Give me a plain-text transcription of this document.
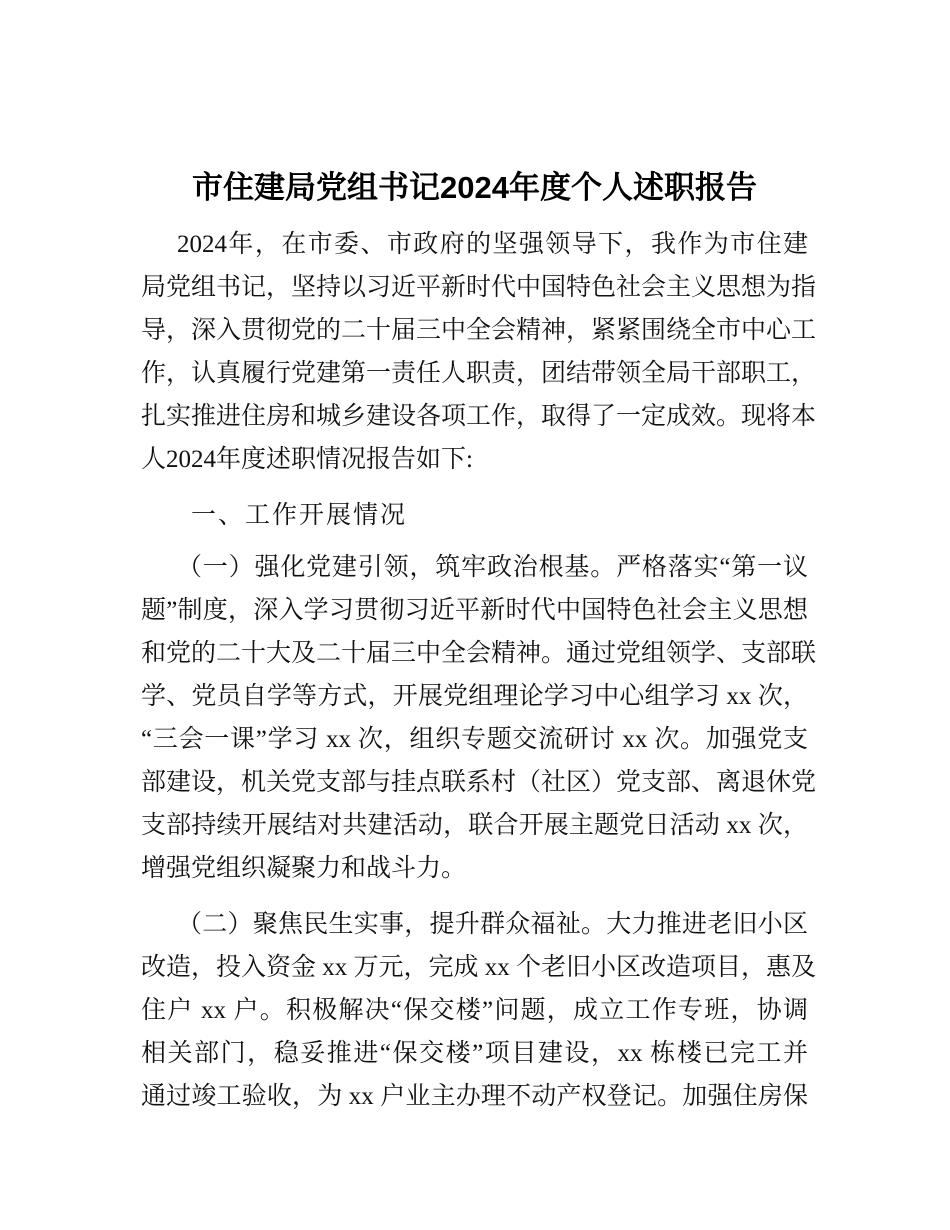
市住建局党组书记2024年度个人述职报告
2024年，在市委、市政府的坚强领导下，我作为市住建
局党组书记，坚持以习近平新时代中国特色社会主义思想为指
导，深入贯彻党的二十届三中全会精神，紧紧围绕全市中心工
作，认真履行党建第一责任人职责，团结带领全局干部职工，
扎实推进住房和城乡建设各项工作，取得了一定成效。现将本
人2024年度述职情况报告如下:
一、工作开展情况
（一）强化党建引领，筑牢政治根基。严格落实“第一议
题”制度，深入学习贯彻习近平新时代中国特色社会主义思想
和党的二十大及二十届三中全会精神。通过党组领学、支部联
学、党员自学等方式，开展党组理论学习中心组学习 xx 次，
“三会一课”学习 xx 次，组织专题交流研讨 xx 次。加强党支
部建设，机关党支部与挂点联系村（社区）党支部、离退休党
支部持续开展结对共建活动，联合开展主题党日活动 xx 次，
增强党组织凝聚力和战斗力。
（二）聚焦民生实事，提升群众福祉。大力推进老旧小区
改造，投入资金 xx 万元，完成 xx 个老旧小区改造项目，惠及
住户 xx 户。积极解决“保交楼”问题，成立工作专班，协调
相关部门，稳妥推进“保交楼”项目建设，xx 栋楼已完工并
通过竣工验收，为 xx 户业主办理不动产权登记。加强住房保
